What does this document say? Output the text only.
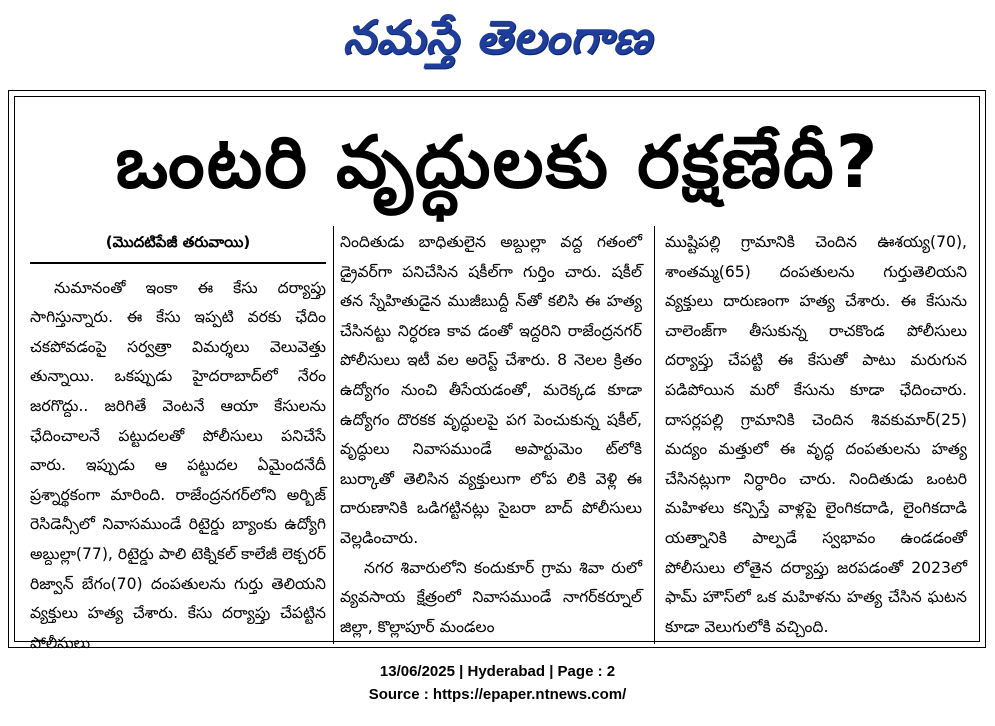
నమస్తే తెలంగాణ
ఒంటరి వృద్ధులకు రక్షణేదీ?
(మొదటిపేజీ తరువాయి)
నుమానంతో ఇంకా ఈ కేసు దర్యాప్తు సాగిస్తున్నారు. ఈ కేసు ఇప్పటి వరకు ఛేదిం చకపోవడంపై సర్వత్రా విమర్శలు వెలువెత్తు తున్నాయి. ఒకప్పుడు హైదరాబాద్‌లో నేరం జరగొద్దు.. జరిగితే వెంటనే ఆయా కేసులను ఛేదించాలనే పట్టుదలతో పోలీసులు పనిచేసే వారు. ఇప్పుడు ఆ పట్టుదల ఏమైందనేదీ ప్రశ్నార్థకంగా మారింది. రాజేంద్రనగర్‌లోని అర్బిజ్ రెసిడెన్సీలో నివాసముండే రిటైర్డు బ్యాంకు ఉద్యోగి అబ్దుల్లా(77), రిటైర్డు పాలి టెక్నికల్ కాలేజీ లెక్చరర్ రిజ్వాన్ బేగం(70) దంపతులను గుర్తు తెలియని వ్యక్తులు హత్య చేశారు. కేసు దర్యాప్తు చేపట్టిన పోలీసులు
నిందితుడు బాధితులైన అబ్దుల్లా వద్ద గతంలో డ్రైవర్‌గా పనిచేసిన షకీల్‌గా గుర్తిం చారు. షకీల్ తన స్నేహితుడైన ముజీబుద్దీ న్‌తో కలిసి ఈ హత్య చేసినట్టు నిర్ధరణ కావ డంతో ఇద్దరిని రాజేంద్రనగర్ పోలీసులు ఇటీ వల అరెస్ట్ చేశారు. 8 నెలల క్రితం ఉద్యోగం నుంచి తీసేయడంతో, మరెక్కడ కూడా ఉద్యోగం దొరకక వృద్ధులపై పగ పెంచుకున్న షకీల్, వృద్ధులు నివాసముండే అపార్టుమెం ట్‌లోకి బుర్కాతో తెలిసిన వ్యక్తులుగా లోప లికి వెళ్లి ఈ దారుణానికి ఒడిగట్టినట్లు సైబరా బాద్ పోలీసులు వెల్లడించారు.
నగర శివారులోని కందుకూర్ గ్రామ శివా రులో వ్యవసాయ క్షేత్రంలో నివాసముండే నాగర్‌కర్నూల్ జిల్లా, కొల్లాపూర్ మండలం
ముష్టిపల్లి గ్రామానికి చెందిన ఊశయ్య(70), శాంతమ్మ(65) దంపతులను గుర్తుతెలియని వ్యక్తులు దారుణంగా హత్య చేశారు. ఈ కేసును చాలెంజ్‌గా తీసుకున్న రాచకొండ పోలీసులు దర్యాప్తు చేపట్టి ఈ కేసుతో పాటు మరుగున పడిపోయిన మరో కేసును కూడా ఛేదించారు. దాసర్లపల్లి గ్రామానికి చెందిన శివకుమార్(25) మద్యం మత్తులో ఈ వృద్ధ దంపతులను హత్య చేసినట్లుగా నిర్ధారిం చారు. నిందితుడు ఒంటరి మహిళలు కన్పిస్తే వాళ్లపై లైంగికదాడి, లైంగికదాడి యత్నానికి పాల్పడే స్వభావం ఉండడంతో పోలీసులు లోతైన దర్యాప్తు జరపడంతో 2023లో ఫామ్ హౌస్‌లో ఒక మహిళను హత్య చేసిన ఘటన కూడా వెలుగులోకి వచ్చింది.
13/06/2025 | Hyderabad | Page : 2
Source : https://epaper.ntnews.com/
